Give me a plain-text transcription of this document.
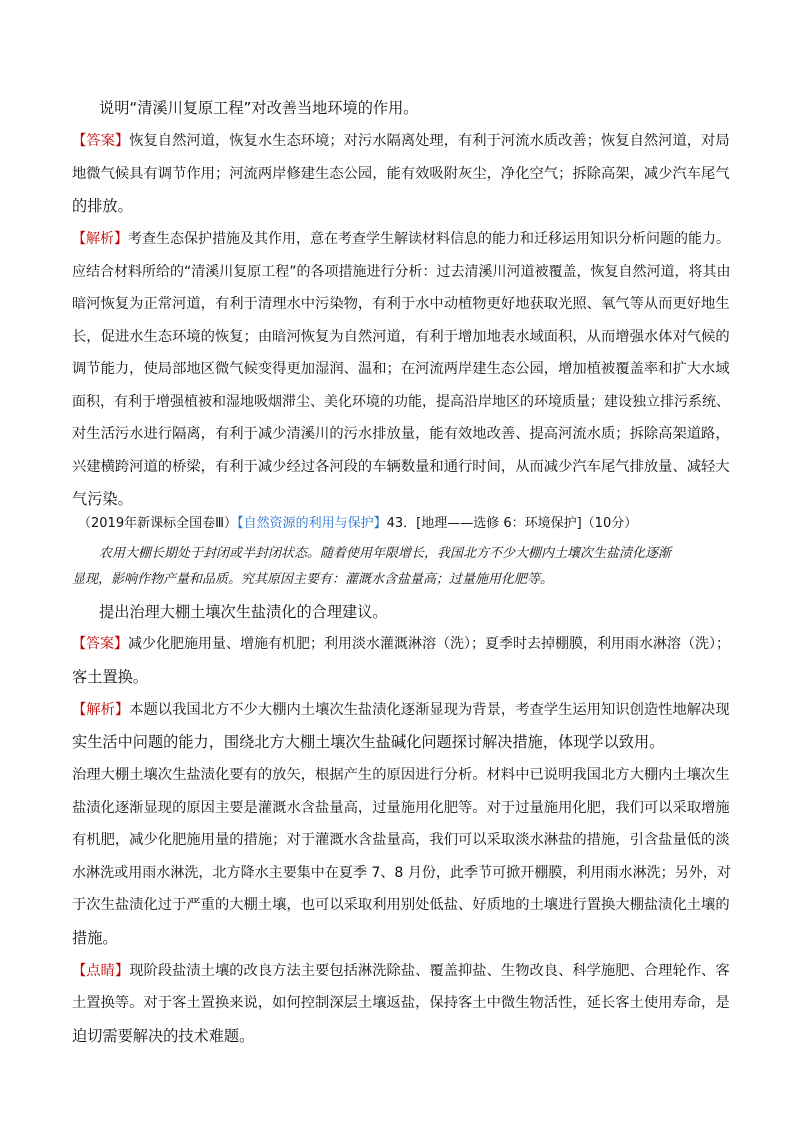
说明“清溪川复原工程”对改善当地环境的作用。
【答案】恢复自然河道，恢复水生态环境；对污水隔离处理，有利于河流水质改善；恢复自然河道，对局
地微气候具有调节作用；河流两岸修建生态公园，能有效吸附灰尘，净化空气；拆除高架，减少汽车尾气
的排放。
【解析】考查生态保护措施及其作用，意在考查学生解读材料信息的能力和迁移运用知识分析问题的能力。
应结合材料所给的“清溪川复原工程”的各项措施进行分析：过去清溪川河道被覆盖，恢复自然河道，将其由
暗河恢复为正常河道，有利于清理水中污染物，有利于水中动植物更好地获取光照、氧气等从而更好地生
长，促进水生态环境的恢复；由暗河恢复为自然河道，有利于增加地表水域面积，从而增强水体对气候的
调节能力，使局部地区微气候变得更加湿润、温和；在河流两岸建生态公园，增加植被覆盖率和扩大水域
面积，有利于增强植被和湿地吸烟滞尘、美化环境的功能，提高沿岸地区的环境质量；建设独立排污系统、
对生活污水进行隔离，有利于减少清溪川的污水排放量，能有效地改善、提高河流水质；拆除高架道路，
兴建横跨河道的桥梁，有利于减少经过各河段的车辆数量和通行时间，从而减少汽车尾气排放量、减轻大
气污染。
（2019年新课标全国卷Ⅲ）【自然资源的利用与保护】43．[地理——选修 6：环境保护]（10分）
农用大棚长期处于封闭或半封闭状态。随着使用年限增长，我国北方不少大棚内土壤次生盐渍化逐渐
显现，影响作物产量和品质。究其原因主要有：灌溉水含盐量高；过量施用化肥等。
提出治理大棚土壤次生盐渍化的合理建议。
【答案】减少化肥施用量、增施有机肥；利用淡水灌溉淋溶（洗）；夏季时去掉棚膜，利用雨水淋溶（洗）；
客土置换。
【解析】本题以我国北方不少大棚内土壤次生盐渍化逐渐显现为背景，考查学生运用知识创造性地解决现
实生活中问题的能力，围绕北方大棚土壤次生盐碱化问题探讨解决措施，体现学以致用。
治理大棚土壤次生盐渍化要有的放矢，根据产生的原因进行分析。材料中已说明我国北方大棚内土壤次生
盐渍化逐渐显现的原因主要是灌溉水含盐量高，过量施用化肥等。对于过量施用化肥，我们可以采取增施
有机肥，减少化肥施用量的措施；对于灌溉水含盐量高，我们可以采取淡水淋盐的措施，引含盐量低的淡
水淋洗或用雨水淋洗，北方降水主要集中在夏季 7、8 月份，此季节可掀开棚膜，利用雨水淋洗；另外，对
于次生盐渍化过于严重的大棚土壤，也可以采取利用别处低盐、好质地的土壤进行置换大棚盐渍化土壤的
措施。
【点睛】现阶段盐渍土壤的改良方法主要包括淋洗除盐、覆盖抑盐、生物改良、科学施肥、合理轮作、客
土置换等。对于客土置换来说，如何控制深层土壤返盐，保持客土中微生物活性，延长客土使用寿命，是
迫切需要解决的技术难题。
